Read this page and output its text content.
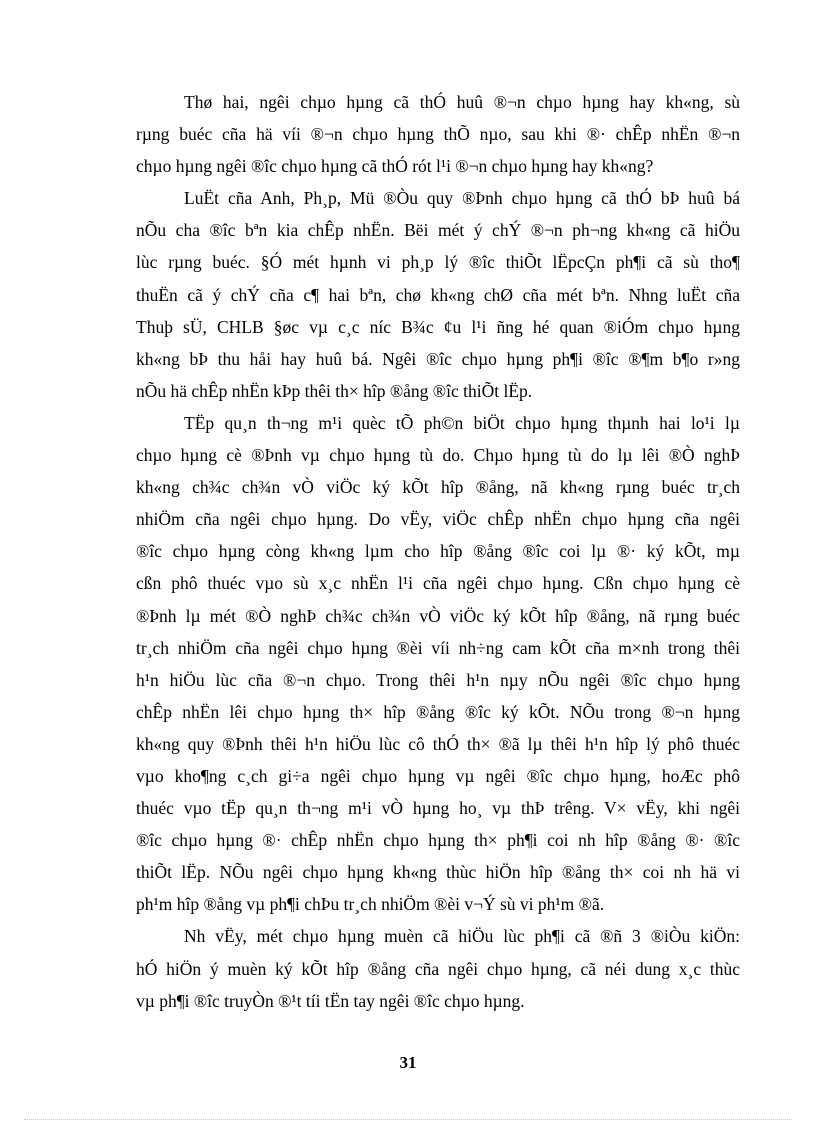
Thø hai, ngêi chµo hµng cã thÓ huû ®¬n chµo hµng hay kh«ng, sù
rµng buéc cña hä víi ®¬n chµo hµng thÕ nµo, sau khi ®· chÊp nhËn ®¬n
chµo hµng ngêi ®îc chµo hµng cã thÓ rót l¹i ®¬n chµo hµng hay kh«ng?
LuËt cña Anh, Ph¸p, Mü ®Òu quy ®Þnh chµo hµng cã thÓ bÞ huû bá
nÕu cha ®îc bªn kia chÊp nhËn. Bëi mét ý chÝ ®¬n ph¬ng kh«ng cã hiÖu
lùc rµng buéc. §Ó mét hµnh vi ph¸p lý ®îc thiÕt lËpcÇn ph¶i cã sù tho¶
thuËn cã ý chÝ cña c¶ hai bªn, chø kh«ng chØ cña mét bªn. Nhng luËt cña
Thuþ sÜ, CHLB §øc vµ c¸c níc B¾c ¢u l¹i ñng hé quan ®iÓm chµo hµng
kh«ng bÞ thu håi hay huû bá. Ngêi ®îc chµo hµng ph¶i ®îc ®¶m b¶o r»ng
nÕu hä chÊp nhËn kÞp thêi th× hîp ®ång ®îc thiÕt lËp.
TËp qu¸n th¬ng m¹i quèc tÕ ph©n biÖt chµo hµng thµnh hai lo¹i lµ
chµo hµng cè ®Þnh vµ chµo hµng tù do. Chµo hµng tù do lµ lêi ®Ò nghÞ
kh«ng ch¾c ch¾n vÒ viÖc ký kÕt hîp ®ång, nã kh«ng rµng buéc tr¸ch
nhiÖm cña ngêi chµo hµng. Do vËy, viÖc chÊp nhËn chµo hµng cña ngêi
®îc chµo hµng còng kh«ng lµm cho hîp ®ång ®îc coi lµ ®· ký kÕt, mµ
cßn phô thuéc vµo sù x¸c nhËn l¹i cña ngêi chµo hµng. Cßn chµo hµng cè
®Þnh lµ mét ®Ò nghÞ ch¾c ch¾n vÒ viÖc ký kÕt hîp ®ång, nã rµng buéc
tr¸ch nhiÖm cña ngêi chµo hµng ®èi víi nh÷ng cam kÕt cña m×nh trong thêi
h¹n hiÖu lùc cña ®¬n chµo. Trong thêi h¹n nµy nÕu ngêi ®îc chµo hµng
chÊp nhËn lêi chµo hµng th× hîp ®ång ®îc ký kÕt. NÕu trong ®¬n hµng
kh«ng quy ®Þnh thêi h¹n hiÖu lùc cô thÓ th× ®ã lµ thêi h¹n hîp lý phô thuéc
vµo kho¶ng c¸ch gi÷a ngêi chµo hµng vµ ngêi ®îc chµo hµng, hoÆc phô
thuéc vµo tËp qu¸n th¬ng m¹i vÒ hµng ho¸ vµ thÞ trêng. V× vËy, khi ngêi
®îc chµo hµng ®· chÊp nhËn chµo hµng th× ph¶i coi nh hîp ®ång ®· ®îc
thiÕt lËp. NÕu ngêi chµo hµng kh«ng thùc hiÖn hîp ®ång th× coi nh hä vi
ph¹m hîp ®ång vµ ph¶i chÞu tr¸ch nhiÖm ®èi v¬Ý sù vi ph¹m ®ã.
Nh vËy, mét chµo hµng muèn cã hiÖu lùc ph¶i cã ®ñ 3 ®iÒu kiÖn:
hÓ hiÖn ý muèn ký kÕt hîp ®ång cña ngêi chµo hµng, cã néi dung x¸c thùc
vµ ph¶i ®îc truyÒn ®¹t tíi tËn tay ngêi ®îc chµo hµng.
31
